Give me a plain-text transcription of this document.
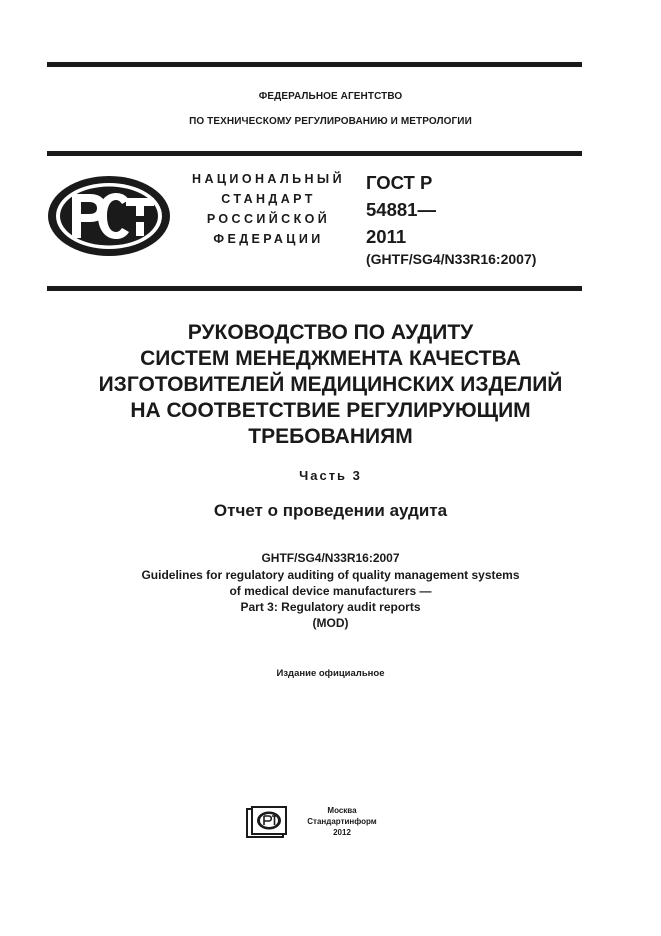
ФЕДЕРАЛЬНОЕ АГЕНТСТВО
ПО ТЕХНИЧЕСКОМУ РЕГУЛИРОВАНИЮ И МЕТРОЛОГИИ
НАЦИОНАЛЬНЫЙ
СТАНДАРТ
РОССИЙСКОЙ
ФЕДЕРАЦИИ
ГОСТ Р
54881—
2011
(GHTF/SG4/N33R16:2007)
РУКОВОДСТВО ПО АУДИТУ
СИСТЕМ МЕНЕДЖМЕНТА КАЧЕСТВА
ИЗГОТОВИТЕЛЕЙ МЕДИЦИНСКИХ ИЗДЕЛИЙ
НА СООТВЕТСТВИЕ РЕГУЛИРУЮЩИМ
ТРЕБОВАНИЯМ
Часть 3
Отчет о проведении аудита
GHTF/SG4/N33R16:2007
Guidelines for regulatory auditing of quality management systems
of medical device manufacturers —
Part 3: Regulatory audit reports
(MOD)
Издание официальное
Москва
Стандартинформ
2012
